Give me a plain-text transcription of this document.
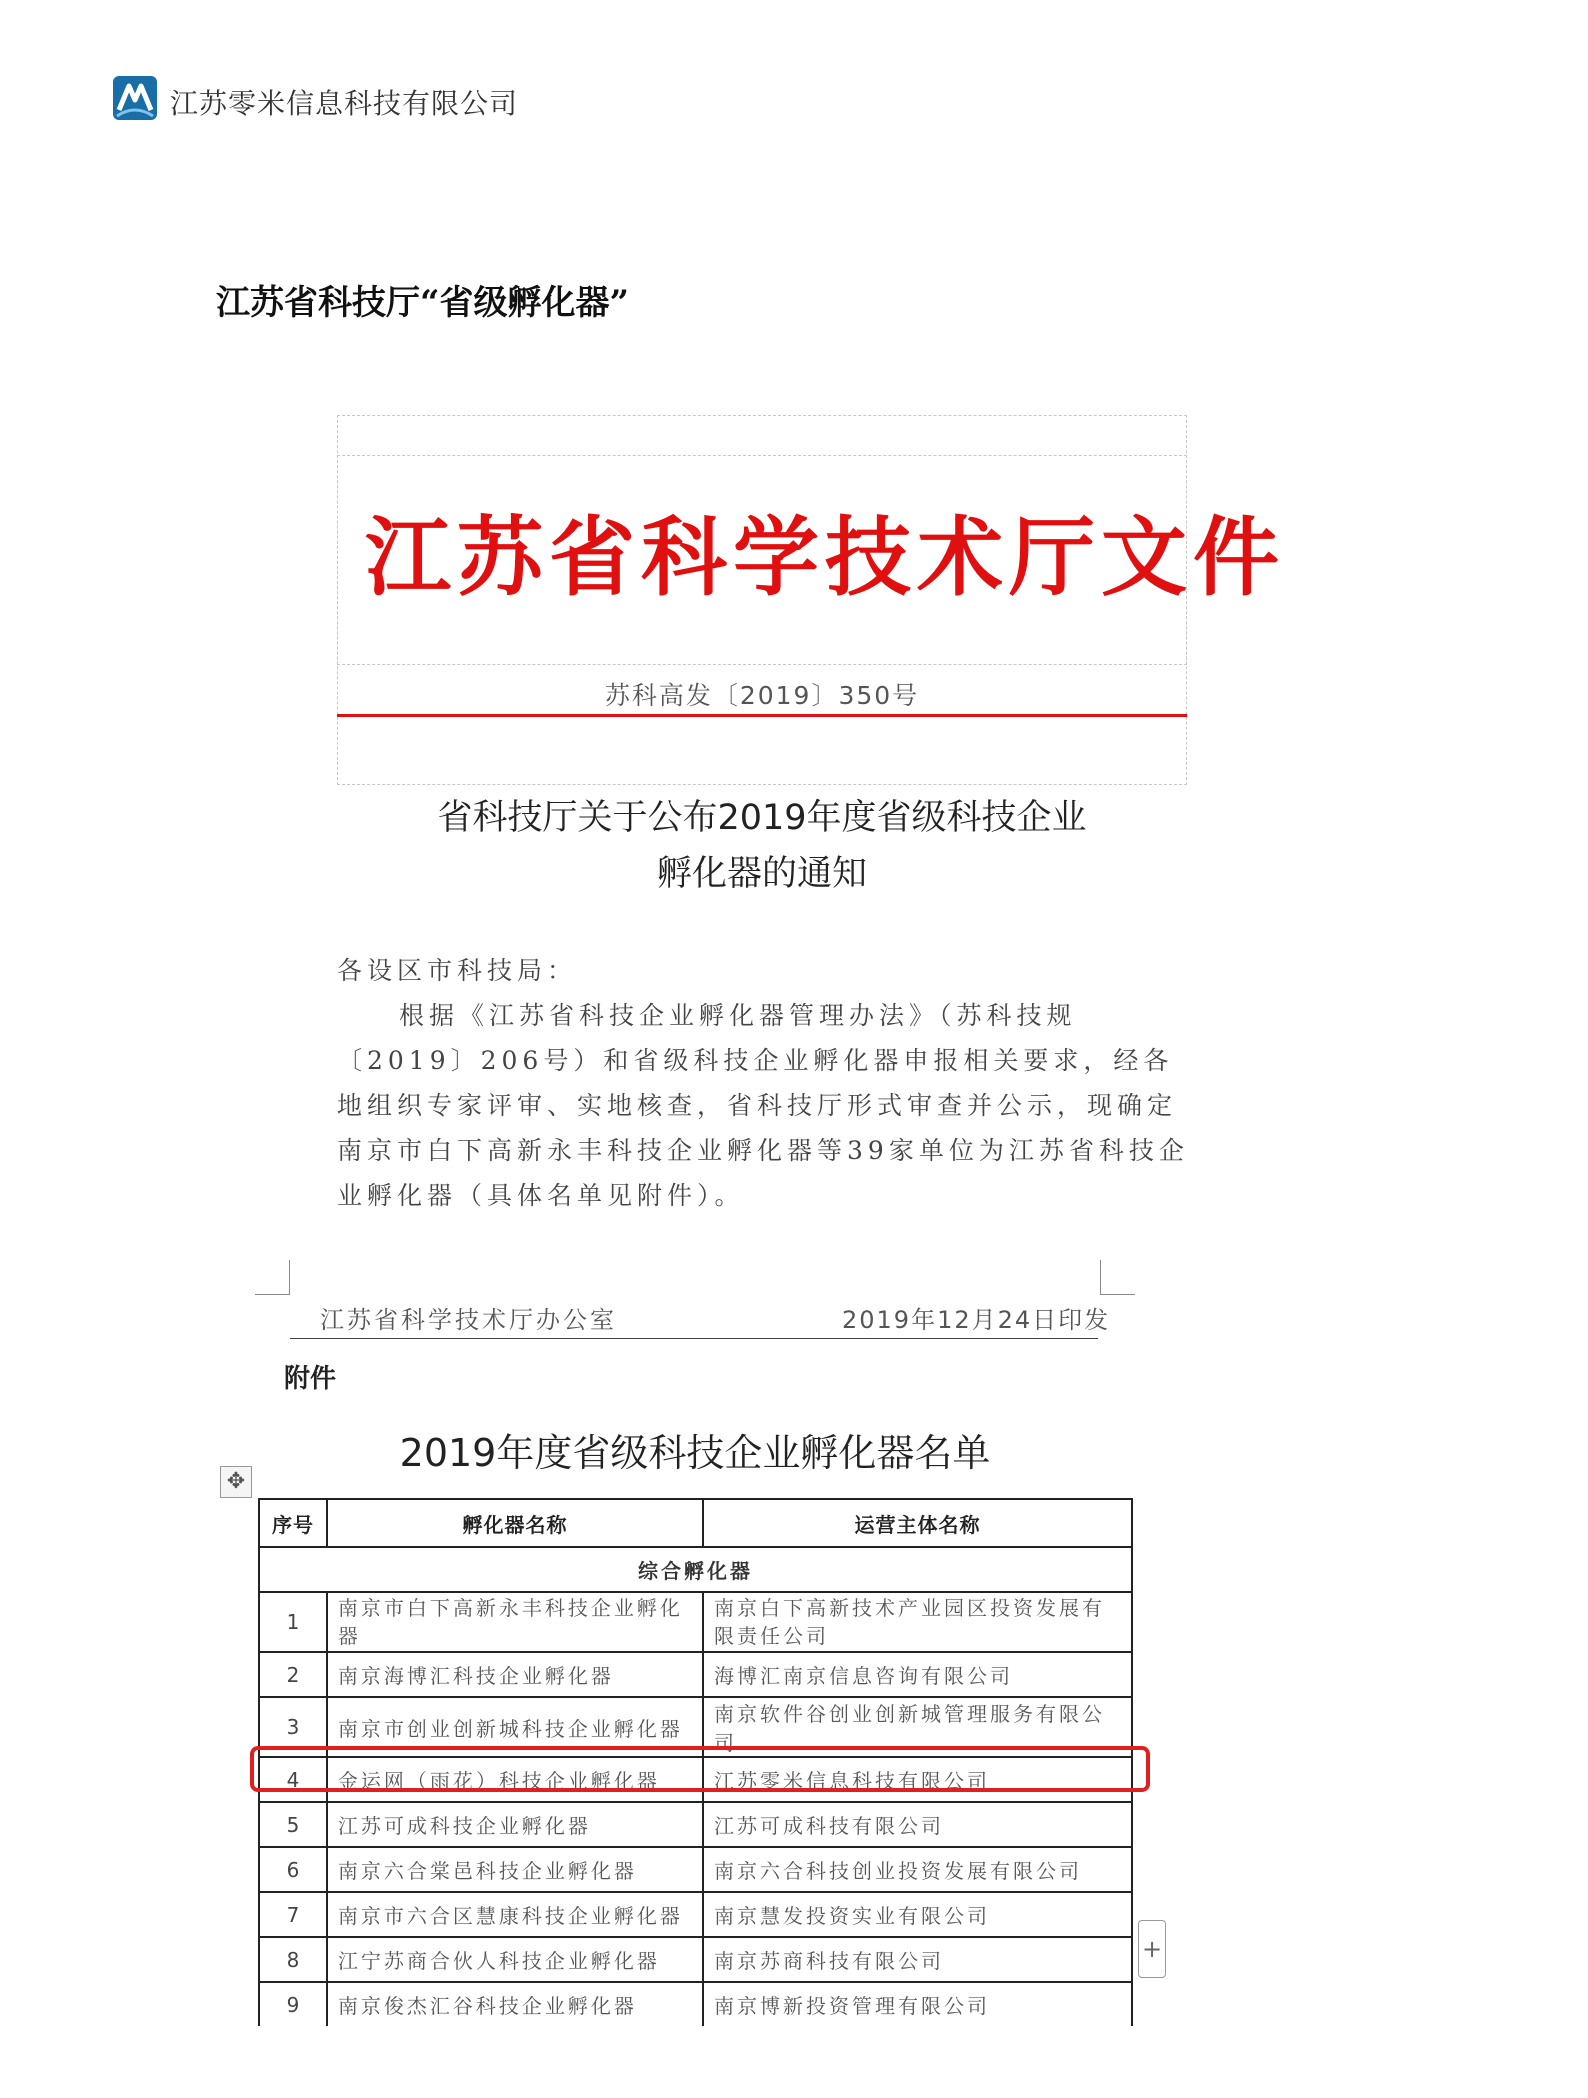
江苏零米信息科技有限公司
江苏省科技厅“省级孵化器”
江苏省科学技术厅文件
苏科高发〔2019〕350号
省科技厅关于公布2019年度省级科技企业
孵化器的通知

各设区市科技局：

根据《江苏省科技企业孵化器管理办法》（苏科技规〔2019〕206号）和省级科技企业孵化器申报相关要求，经各地组织专家评审、实地核查，省科技厅形式审查并公示，现确定南京市白下高新永丰科技企业孵化器等39家单位为江苏省科技企业孵化器（具体名单见附件）。

江苏省科学技术厅办公室	2019年12月24日印发
附件
2019年度省级科技企业孵化器名单
✥
序号	孵化器名称	运营主体名称
综合孵化器		
1	南京市白下高新永丰科技企业孵化器	南京白下高新技术产业园区投资发展有限责任公司
2	南京海博汇科技企业孵化器	海博汇南京信息咨询有限公司
3	南京市创业创新城科技企业孵化器	南京软件谷创业创新城管理服务有限公司
4	金运网（雨花）科技企业孵化器	江苏零米信息科技有限公司
5	江苏可成科技企业孵化器	江苏可成科技有限公司
6	南京六合棠邑科技企业孵化器	南京六合科技创业投资发展有限公司
7	南京市六合区慧康科技企业孵化器	南京慧发投资实业有限公司
8	江宁苏商合伙人科技企业孵化器	南京苏商科技有限公司
9	南京俊杰汇谷科技企业孵化器	南京博新投资管理有限公司
+
